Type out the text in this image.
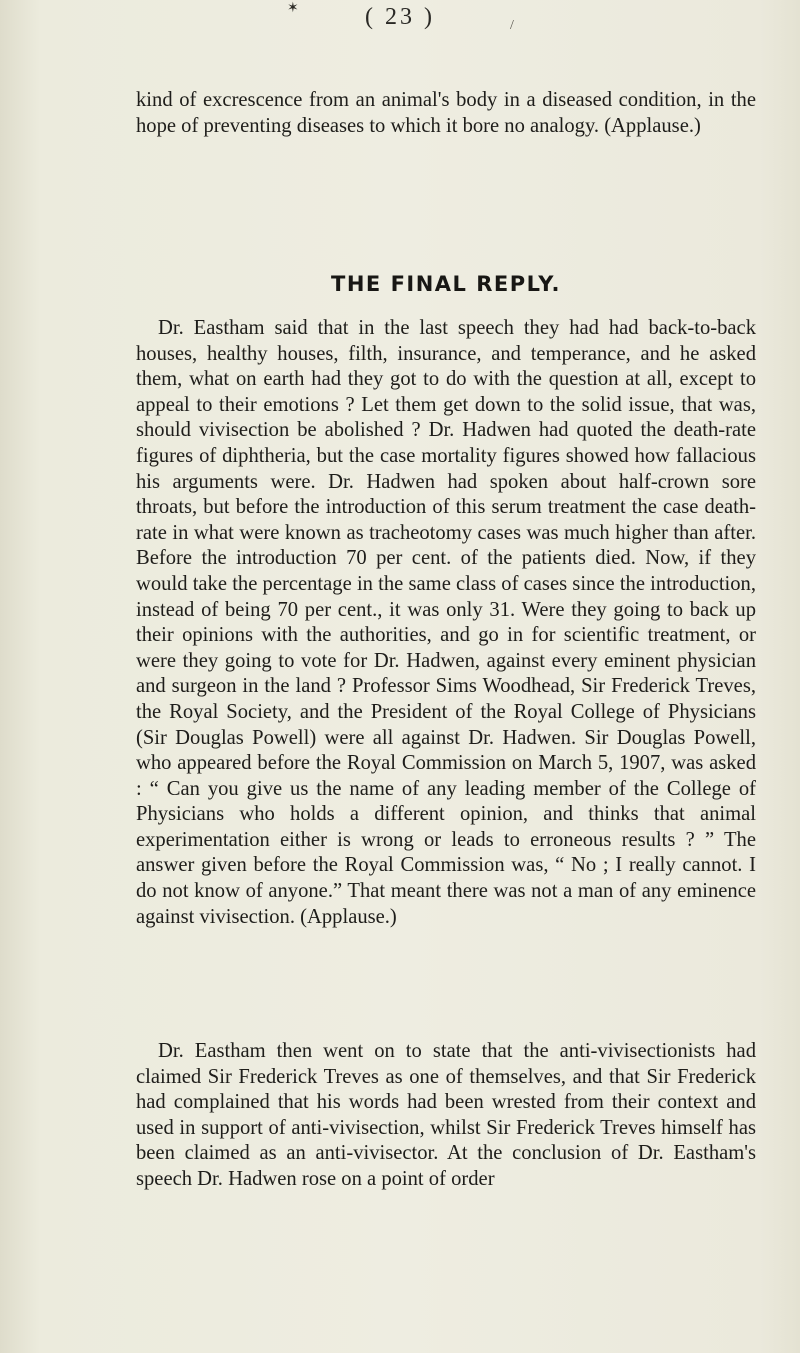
✶
/
( 23 )

kind of excrescence from an animal's body in a diseased condition, in the hope of preventing diseases to which it bore no analogy. (Applause.)

THE FINAL REPLY.

Dr. Eastham said that in the last speech they had had back-to-back houses, healthy houses, filth, insurance, and temperance, and he asked them, what on earth had they got to do with the question at all, except to appeal to their emotions ? Let them get down to the solid issue, that was, should vivisection be abolished ? Dr. Hadwen had quoted the death-rate figures of diphtheria, but the case mortality figures showed how fallacious his arguments were. Dr. Hadwen had spoken about half-crown sore throats, but before the introduction of this serum treatment the case death-rate in what were known as tracheotomy cases was much higher than after. Before the introduction 70 per cent. of the patients died. Now, if they would take the percentage in the same class of cases since the introduction, instead of being 70 per cent., it was only 31. Were they going to back up their opinions with the authorities, and go in for scientific treatment, or were they going to vote for Dr. Hadwen, against every eminent physician and surgeon in the land ? Professor Sims Woodhead, Sir Frederick Treves, the Royal Society, and the President of the Royal College of Physicians (Sir Douglas Powell) were all against Dr. Hadwen. Sir Douglas Powell, who appeared before the Royal Commission on March 5, 1907, was asked : “ Can you give us the name of any leading member of the College of Physicians who holds a different opinion, and thinks that animal experimentation either is wrong or leads to erroneous results ? ” The answer given before the Royal Commission was, “ No ; I really cannot. I do not know of anyone.” That meant there was not a man of any eminence against vivisection. (Applause.)

Dr. Eastham then went on to state that the anti-vivisectionists had claimed Sir Frederick Treves as one of themselves, and that Sir Frederick had complained that his words had been wrested from their context and used in support of anti-vivisection, whilst Sir Frederick Treves himself has been claimed as an anti-vivisector. At the conclusion of Dr. Eastham's speech Dr. Hadwen rose on a point of order
